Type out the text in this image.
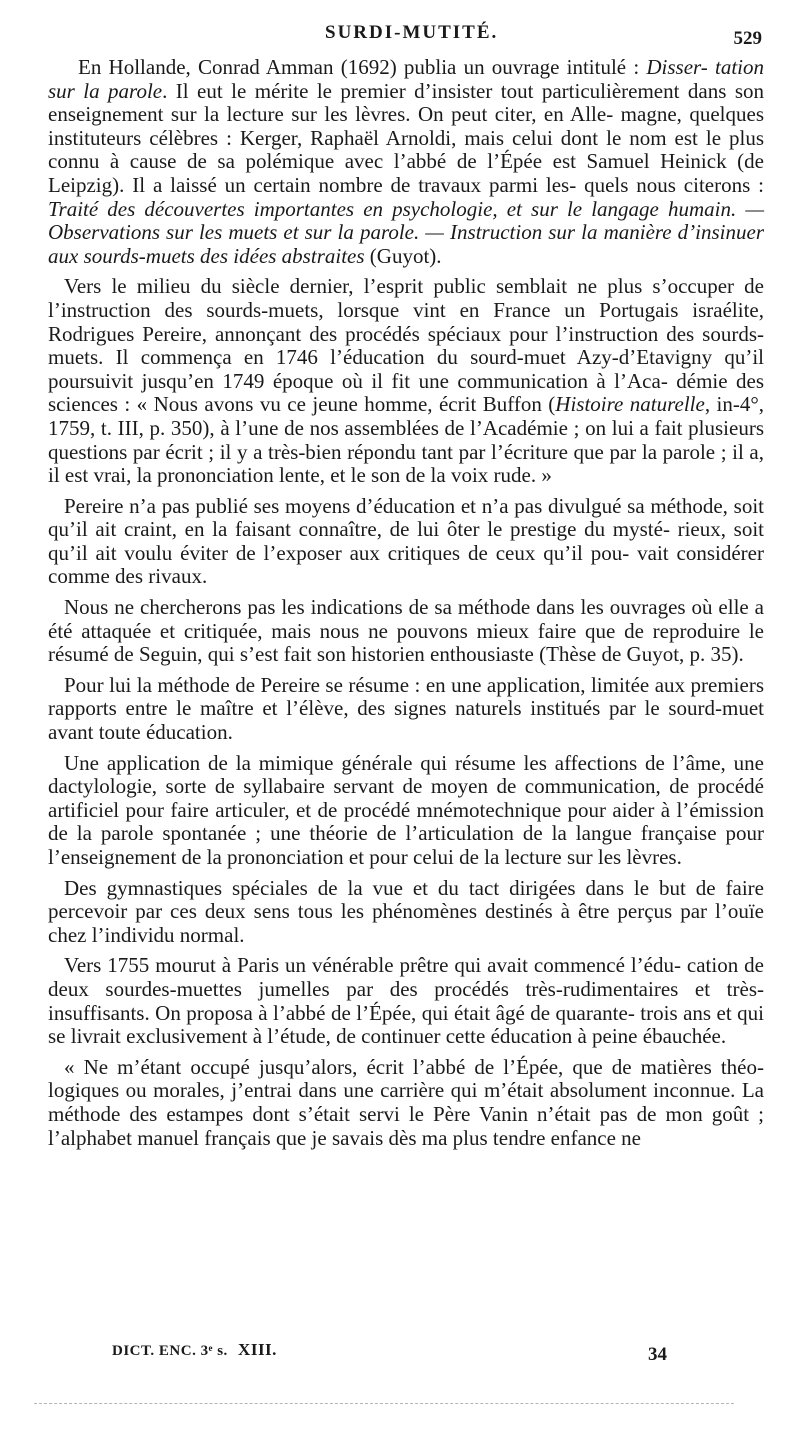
SURDI-MUTITÉ.	529

En Hollande, Conrad Amman (1692) publia un ouvrage intitulé : Disser- tation sur la parole. Il eut le mérite le premier d’insister tout particulièrement dans son enseignement sur la lecture sur les lèvres. On peut citer, en Alle- magne, quelques instituteurs célèbres : Kerger, Raphaël Arnoldi, mais celui dont le nom est le plus connu à cause de sa polémique avec l’abbé de l’Épée est Samuel Heinick (de Leipzig). Il a laissé un certain nombre de travaux parmi les- quels nous citerons : Traité des découvertes importantes en psychologie, et sur le langage humain. — Observations sur les muets et sur la parole. — Instruction sur la manière d’insinuer aux sourds-muets des idées abstraites (Guyot).

Vers le milieu du siècle dernier, l’esprit public semblait ne plus s’occuper de l’instruction des sourds-muets, lorsque vint en France un Portugais israélite, Rodrigues Pereire, annonçant des procédés spéciaux pour l’instruction des sourds-muets. Il commença en 1746 l’éducation du sourd-muet Azy-d’Etavigny qu’il poursuivit jusqu’en 1749 époque où il fit une communication à l’Aca- démie des sciences : « Nous avons vu ce jeune homme, écrit Buffon (Histoire naturelle, in-4°, 1759, t. III, p. 350), à l’une de nos assemblées de l’Académie ; on lui a fait plusieurs questions par écrit ; il y a très-bien répondu tant par l’écriture que par la parole ; il a, il est vrai, la prononciation lente, et le son de la voix rude. »

Pereire n’a pas publié ses moyens d’éducation et n’a pas divulgué sa méthode, soit qu’il ait craint, en la faisant connaître, de lui ôter le prestige du mysté- rieux, soit qu’il ait voulu éviter de l’exposer aux critiques de ceux qu’il pou- vait considérer comme des rivaux.

Nous ne chercherons pas les indications de sa méthode dans les ouvrages où elle a été attaquée et critiquée, mais nous ne pouvons mieux faire que de reproduire le résumé de Seguin, qui s’est fait son historien enthousiaste (Thèse de Guyot, p. 35).

Pour lui la méthode de Pereire se résume : en une application, limitée aux premiers rapports entre le maître et l’élève, des signes naturels institués par le sourd-muet avant toute éducation.

Une application de la mimique générale qui résume les affections de l’âme, une dactylologie, sorte de syllabaire servant de moyen de communication, de procédé artificiel pour faire articuler, et de procédé mnémotechnique pour aider à l’émission de la parole spontanée ; une théorie de l’articulation de la langue française pour l’enseignement de la prononciation et pour celui de la lecture sur les lèvres.

Des gymnastiques spéciales de la vue et du tact dirigées dans le but de faire percevoir par ces deux sens tous les phénomènes destinés à être perçus par l’ouïe chez l’individu normal.

Vers 1755 mourut à Paris un vénérable prêtre qui avait commencé l’édu- cation de deux sourdes-muettes jumelles par des procédés très-rudimentaires et très-insuffisants. On proposa à l’abbé de l’Épée, qui était âgé de quarante- trois ans et qui se livrait exclusivement à l’étude, de continuer cette éducation à peine ébauchée.

« Ne m’étant occupé jusqu’alors, écrit l’abbé de l’Épée, que de matières théo- logiques ou morales, j’entrai dans une carrière qui m’était absolument inconnue. La méthode des estampes dont s’était servi le Père Vanin n’était pas de mon goût ; l’alphabet manuel français que je savais dès ma plus tendre enfance ne

DICT. ENC. 3ᵉ s. XIII.	34
